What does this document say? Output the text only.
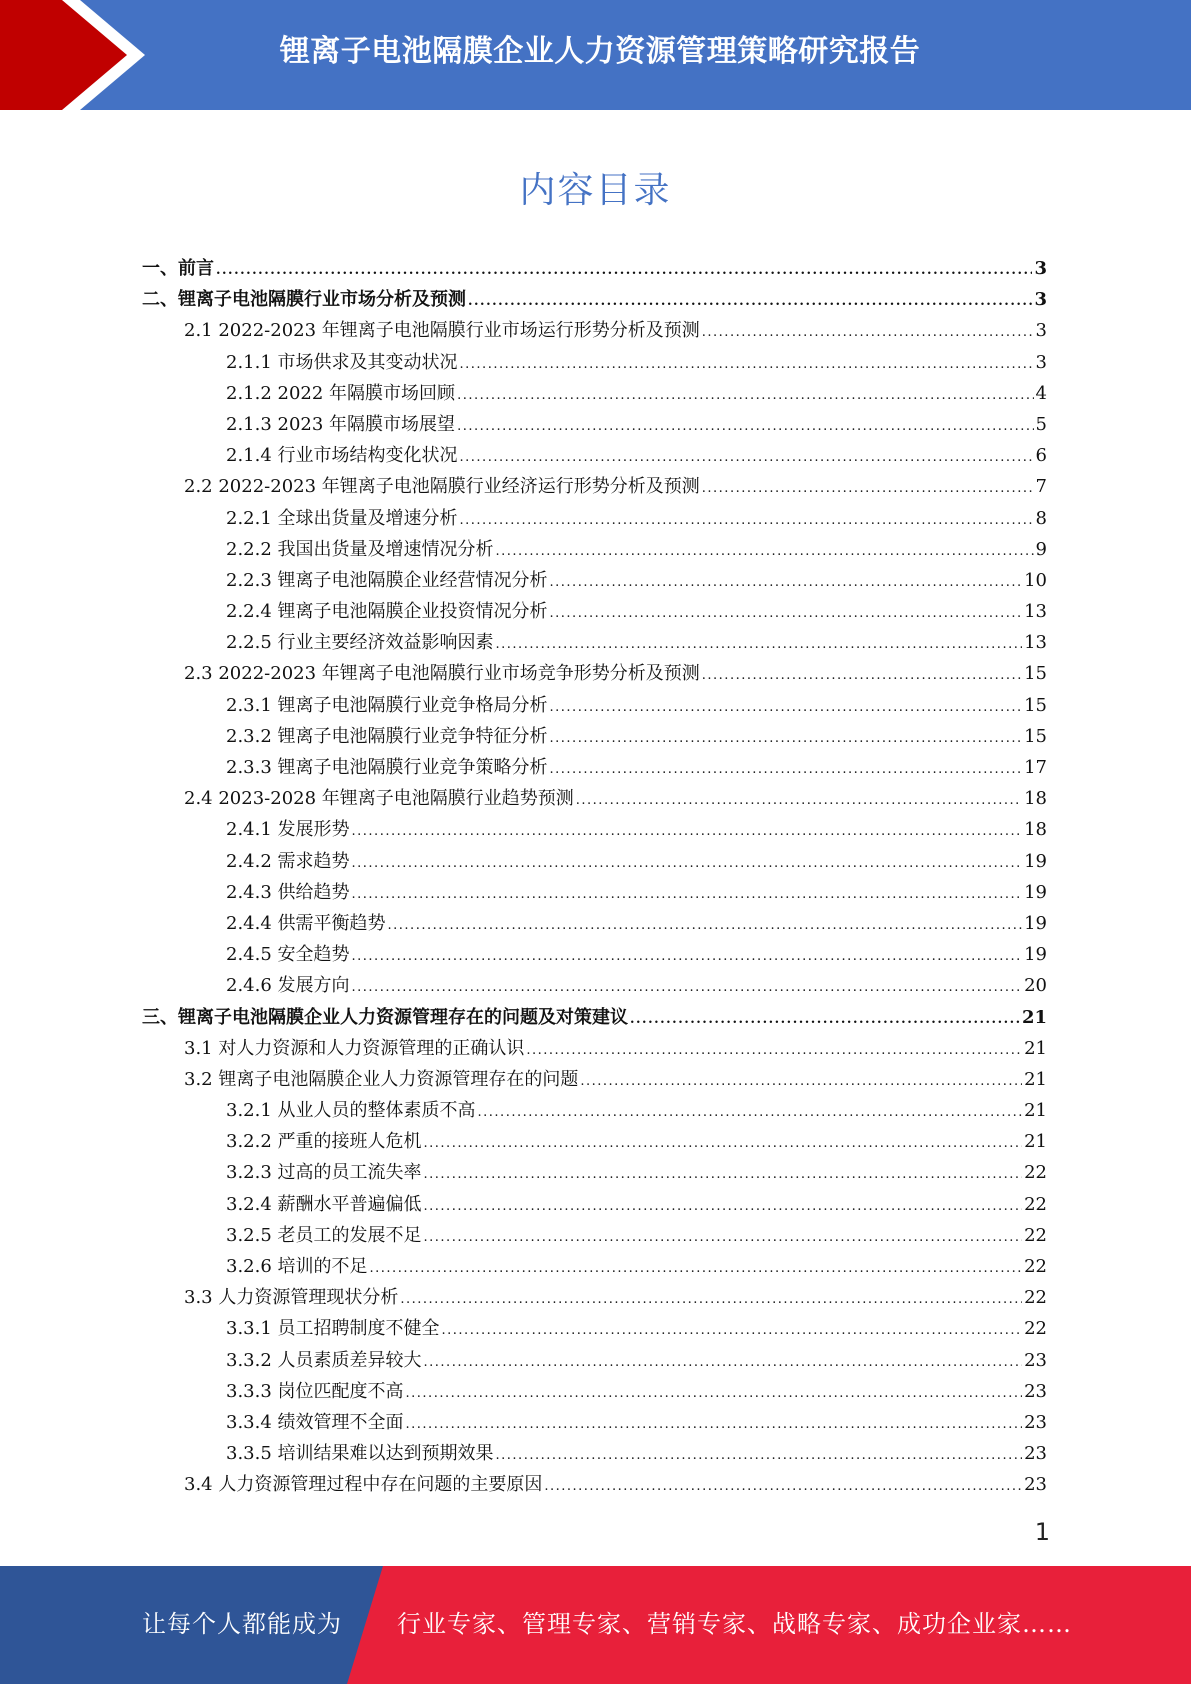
锂离子电池隔膜企业人力资源管理策略研究报告
内容目录
一、前言 .....	3
二、锂离子电池隔膜行业市场分析及预测 .....	3
2.1 2022-2023 年锂离子电池隔膜行业市场运行形势分析及预测 .....	3
2.1.1 市场供求及其变动状况 .....	3
2.1.2 2022 年隔膜市场回顾 .....	4
2.1.3 2023 年隔膜市场展望 .....	5
2.1.4 行业市场结构变化状况 .....	6
2.2 2022-2023 年锂离子电池隔膜行业经济运行形势分析及预测 .....	7
2.2.1 全球出货量及增速分析 .....	8
2.2.2 我国出货量及增速情况分析 .....	9
2.2.3 锂离子电池隔膜企业经营情况分析 .....	10
2.2.4 锂离子电池隔膜企业投资情况分析 .....	13
2.2.5 行业主要经济效益影响因素 .....	13
2.3 2022-2023 年锂离子电池隔膜行业市场竞争形势分析及预测 .....	15
2.3.1 锂离子电池隔膜行业竞争格局分析 .....	15
2.3.2 锂离子电池隔膜行业竞争特征分析 .....	15
2.3.3 锂离子电池隔膜行业竞争策略分析 .....	17
2.4 2023-2028 年锂离子电池隔膜行业趋势预测 .....	18
2.4.1 发展形势 .....	18
2.4.2 需求趋势 .....	19
2.4.3 供给趋势 .....	19
2.4.4 供需平衡趋势 .....	19
2.4.5 安全趋势 .....	19
2.4.6 发展方向 .....	20
三、锂离子电池隔膜企业人力资源管理存在的问题及对策建议 .....	21
3.1 对人力资源和人力资源管理的正确认识 .....	21
3.2 锂离子电池隔膜企业人力资源管理存在的问题 .....	21
3.2.1 从业人员的整体素质不高 .....	21
3.2.2 严重的接班人危机 .....	21
3.2.3 过高的员工流失率 .....	22
3.2.4 薪酬水平普遍偏低 .....	22
3.2.5 老员工的发展不足 .....	22
3.2.6 培训的不足 .....	22
3.3 人力资源管理现状分析 .....	22
3.3.1 员工招聘制度不健全 .....	22
3.3.2 人员素质差异较大 .....	23
3.3.3 岗位匹配度不高 .....	23
3.3.4 绩效管理不全面 .....	23
3.3.5 培训结果难以达到预期效果 .....	23
3.4 人力资源管理过程中存在问题的主要原因 .....	23
1
让每个人都能成为 行业专家、管理专家、营销专家、战略专家、成功企业家……
